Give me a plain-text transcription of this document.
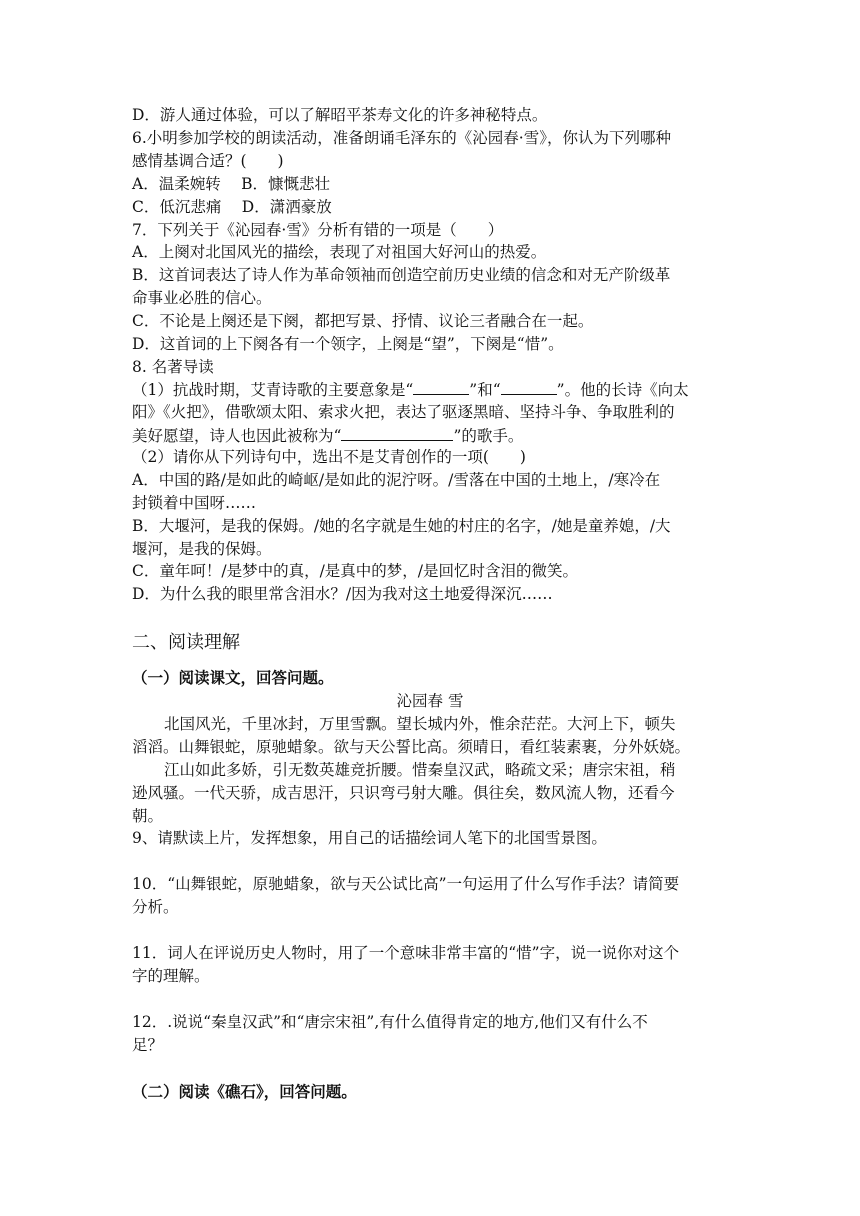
D．游人通过体验，可以了解昭平茶寿文化的许多神秘特点。
6.小明参加学校的朗读活动，准备朗诵毛泽东的《沁园春·雪》，你认为下列哪种
感情基调合适？(　　)
A．温柔婉转　 B．慷慨悲壮
C．低沉悲痛　 D．潇洒豪放
7．下列关于《沁园春·雪》分析有错的一项是（　　）
A．上阕对北国风光的描绘，表现了对祖国大好河山的热爱。
B．这首词表达了诗人作为革命领袖而创造空前历史业绩的信念和对无产阶级革
命事业必胜的信心。
C．不论是上阕还是下阕，都把写景、抒情、议论三者融合在一起。
D．这首词的上下阕各有一个领字，上阕是“望”，下阕是“惜”。
8. 名著导读
（1）抗战时期，艾青诗歌的主要意象是“	”和“	”。他的长诗《向太
阳》《火把》，借歌颂太阳、索求火把，表达了驱逐黑暗、坚持斗争、争取胜利的
美好愿望，诗人也因此被称为“	”的歌手。
（2）请你从下列诗句中，选出不是艾青创作的一项(　　)
A．中国的路/是如此的崎岖/是如此的泥泞呀。/雪落在中国的土地上，/寒冷在
封锁着中国呀……
B．大堰河，是我的保姆。/她的名字就是生她的村庄的名字，/她是童养媳，/大
堰河，是我的保姆。
C．童年呵！/是梦中的真，/是真中的梦，/是回忆时含泪的微笑。
D．为什么我的眼里常含泪水？/因为我对这土地爱得深沉……
二、阅读理解
（一）阅读课文，回答问题。
沁园春 雪
北国风光，千里冰封，万里雪飘。望长城内外，惟余茫茫。大河上下，顿失
滔滔。山舞银蛇，原驰蜡象。欲与天公誓比高。须晴日，看红装素裹，分外妖娆。
江山如此多娇，引无数英雄竞折腰。惜秦皇汉武，略疏文采；唐宗宋祖，稍
逊风骚。一代天骄，成吉思汗，只识弯弓射大雕。俱往矣，数风流人物，还看今
朝。
9、请默读上片，发挥想象，用自己的话描绘词人笔下的北国雪景图。
10．“山舞银蛇，原驰蜡象，欲与天公试比高”一句运用了什么写作手法？请简要
分析。
11．词人在评说历史人物时，用了一个意味非常丰富的“惜”字，说一说你对这个
字的理解。
12．.说说“秦皇汉武”和“唐宗宋祖”,有什么值得肯定的地方,他们又有什么不
足？
（二）阅读《礁石》，回答问题。
